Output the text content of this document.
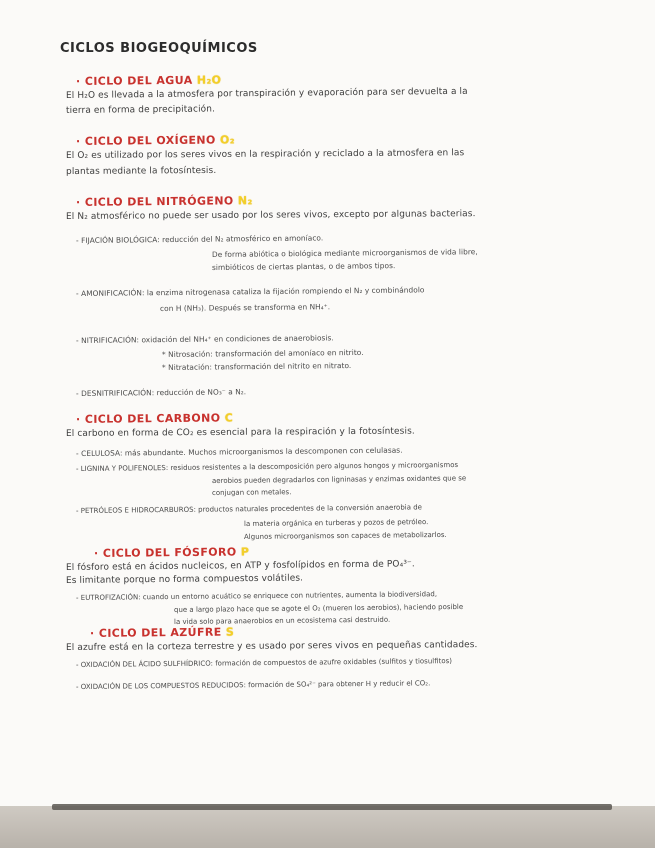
CICLOS BIOGEOQUÍMICOS
· CICLO DEL AGUA H₂O
El H₂O es llevada a la atmosfera por transpiración y evaporación para ser devuelta a la
tierra en forma de precipitación.
· CICLO DEL OXÍGENO O₂
El O₂ es utilizado por los seres vivos en la respiración y reciclado a la atmosfera en las
plantas mediante la fotosíntesis.
· CICLO DEL NITRÓGENO N₂
El N₂ atmosférico no puede ser usado por los seres vivos, excepto por algunas bacterias.
- FIJACIÓN BIOLÓGICA: reducción del N₂ atmosférico en amoníaco.
De forma abiótica o biológica mediante microorganismos de vida libre,
simbióticos de ciertas plantas, o de ambos tipos.
- AMONIFICACIÓN: la enzima nitrogenasa cataliza la fijación rompiendo el N₂ y combinándolo
con H (NH₃). Después se transforma en NH₄⁺.
- NITRIFICACIÓN: oxidación del NH₄⁺ en condiciones de anaerobiosis.
* Nitrosación: transformación del amoníaco en nitrito.
* Nitratación: transformación del nitrito en nitrato.
- DESNITRIFICACIÓN: reducción de NO₃⁻ a N₂.
· CICLO DEL CARBONO C
El carbono en forma de CO₂ es esencial para la respiración y la fotosíntesis.
- CELULOSA: más abundante. Muchos microorganismos la descomponen con celulasas.
- LIGNINA Y POLIFENOLES: residuos resistentes a la descomposición pero algunos hongos y microorganismos
aerobios pueden degradarlos con ligninasas y enzimas oxidantes que se
conjugan con metales.
- PETRÓLEOS E HIDROCARBUROS: productos naturales procedentes de la conversión anaerobia de
la materia orgánica en turberas y pozos de petróleo.
Algunos microorganismos son capaces de metabolizarlos.
· CICLO DEL FÓSFORO P
El fósforo está en ácidos nucleicos, en ATP y fosfolípidos en forma de PO₄³⁻.
Es limitante porque no forma compuestos volátiles.
- EUTROFIZACIÓN: cuando un entorno acuático se enriquece con nutrientes, aumenta la biodiversidad,
que a largo plazo hace que se agote el O₂ (mueren los aerobios), haciendo posible
la vida solo para anaerobios en un ecosistema casi destruido.
· CICLO DEL AZÚFRE S
El azufre está en la corteza terrestre y es usado por seres vivos en pequeñas cantidades.
- OXIDACIÓN DEL ÁCIDO SULFHÍDRICO: formación de compuestos de azufre oxidables (sulfitos y tiosulfitos)
- OXIDACIÓN DE LOS COMPUESTOS REDUCIDOS: formación de SO₄²⁻ para obtener H y reducir el CO₂.
